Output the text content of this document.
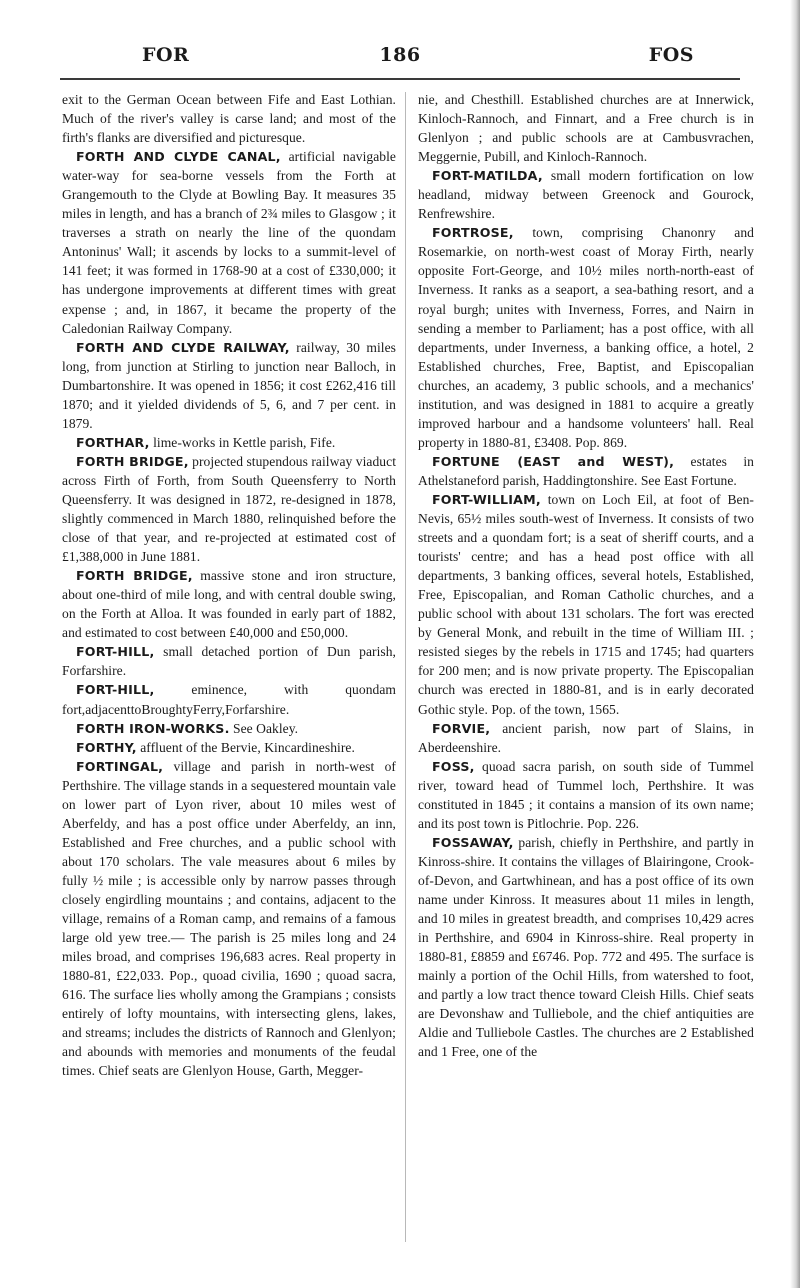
FOR	186	FOS

exit to the German Ocean between Fife and East Lothian. Much of the river's valley is carse land; and most of the firth's flanks are diversified and picturesque.

FORTH AND CLYDE CANAL, artificial navigable water-way for sea-borne vessels from the Forth at Grangemouth to the Clyde at Bowling Bay. It measures 35 miles in length, and has a branch of 2¾ miles to Glasgow ; it traverses a strath on nearly the line of the quondam Antoninus' Wall; it ascends by locks to a summit-level of 141 feet; it was formed in 1768-90 at a cost of £330,000; it has undergone improvements at different times with great expense ; and, in 1867, it became the property of the Caledonian Railway Company.

FORTH AND CLYDE RAILWAY, railway, 30 miles long, from junction at Stirling to junction near Balloch, in Dumbartonshire. It was opened in 1856; it cost £262,416 till 1870; and it yielded dividends of 5, 6, and 7 per cent. in 1879.

FORTHAR, lime-works in Kettle parish, Fife.

FORTH BRIDGE, projected stupendous railway viaduct across Firth of Forth, from South Queensferry to North Queensferry. It was designed in 1872, re-designed in 1878, slightly commenced in March 1880, relinquished before the close of that year, and re-projected at estimated cost of £1,388,000 in June 1881.

FORTH BRIDGE, massive stone and iron structure, about one-third of mile long, and with central double swing, on the Forth at Alloa. It was founded in early part of 1882, and estimated to cost between £40,000 and £50,000.

FORT-HILL, small detached portion of Dun parish, Forfarshire.

FORT-HILL, eminence, with quondam fort,adjacenttoBroughtyFerry,Forfarshire.

FORTH IRON-WORKS. See Oakley.

FORTHY, affluent of the Bervie, Kincardineshire.

FORTINGAL, village and parish in north-west of Perthshire. The village stands in a sequestered mountain vale on lower part of Lyon river, about 10 miles west of Aberfeldy, and has a post office under Aberfeldy, an inn, Established and Free churches, and a public school with about 170 scholars. The vale measures about 6 miles by fully ½ mile ; is accessible only by narrow passes through closely engirdling mountains ; and contains, adjacent to the village, remains of a Roman camp, and remains of a famous large old yew tree.— The parish is 25 miles long and 24 miles broad, and comprises 196,683 acres. Real property in 1880-81, £22,033. Pop., quoad civilia, 1690 ; quoad sacra, 616. The surface lies wholly among the Grampians ; consists entirely of lofty mountains, with intersecting glens, lakes, and streams; includes the districts of Rannoch and Glenlyon; and abounds with memories and monuments of the feudal times. Chief seats are Glenlyon House, Garth, Megger-

nie, and Chesthill. Established churches are at Innerwick, Kinloch-Rannoch, and Finnart, and a Free church is in Glenlyon ; and public schools are at Cambusvrachen, Meggernie, Pubill, and Kinloch-Rannoch.

FORT-MATILDA, small modern fortification on low headland, midway between Greenock and Gourock, Renfrewshire.

FORTROSE, town, comprising Chanonry and Rosemarkie, on north-west coast of Moray Firth, nearly opposite Fort-George, and 10½ miles north-north-east of Inverness. It ranks as a seaport, a sea-bathing resort, and a royal burgh; unites with Inverness, Forres, and Nairn in sending a member to Parliament; has a post office, with all departments, under Inverness, a banking office, a hotel, 2 Established churches, Free, Baptist, and Episcopalian churches, an academy, 3 public schools, and a mechanics' institution, and was designed in 1881 to acquire a greatly improved harbour and a handsome volunteers' hall. Real property in 1880-81, £3408. Pop. 869.

FORTUNE (EAST and WEST), estates in Athelstaneford parish, Haddingtonshire. See East Fortune.

FORT-WILLIAM, town on Loch Eil, at foot of Ben-Nevis, 65½ miles south-west of Inverness. It consists of two streets and a quondam fort; is a seat of sheriff courts, and a tourists' centre; and has a head post office with all departments, 3 banking offices, several hotels, Established, Free, Episcopalian, and Roman Catholic churches, and a public school with about 131 scholars. The fort was erected by General Monk, and rebuilt in the time of William III. ; resisted sieges by the rebels in 1715 and 1745; had quarters for 200 men; and is now private property. The Episcopalian church was erected in 1880-81, and is in early decorated Gothic style. Pop. of the town, 1565.

FORVIE, ancient parish, now part of Slains, in Aberdeenshire.

FOSS, quoad sacra parish, on south side of Tummel river, toward head of Tummel loch, Perthshire. It was constituted in 1845 ; it contains a mansion of its own name; and its post town is Pitlochrie. Pop. 226.

FOSSAWAY, parish, chiefly in Perthshire, and partly in Kinross-shire. It contains the villages of Blairingone, Crook-of-Devon, and Gartwhinean, and has a post office of its own name under Kinross. It measures about 11 miles in length, and 10 miles in greatest breadth, and comprises 10,429 acres in Perthshire, and 6904 in Kinross-shire. Real property in 1880-81, £8859 and £6746. Pop. 772 and 495. The surface is mainly a portion of the Ochil Hills, from watershed to foot, and partly a low tract thence toward Cleish Hills. Chief seats are Devonshaw and Tulliebole, and the chief antiquities are Aldie and Tulliebole Castles. The churches are 2 Established and 1 Free, one of the
